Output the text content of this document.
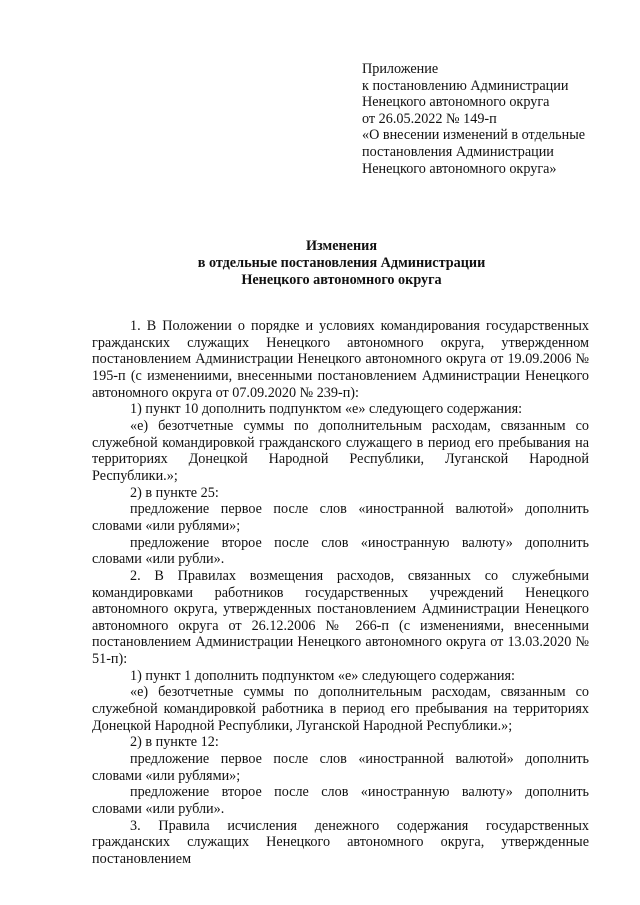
Приложение
к постановлению Администрации
Ненецкого автономного округа
от 26.05.2022 № 149-п
«О внесении изменений в отдельные
постановления Администрации
Ненецкого автономного округа»
Изменения
в отдельные постановления Администрации
Ненецкого автономного округа

1. В Положении о порядке и условиях командирования государственных гражданских служащих Ненецкого автономного округа, утвержденном постановлением Администрации Ненецкого автономного округа от 19.09.2006 № 195-п (с изменениими, внесенными постановлением Администрации Ненецкого автономного округа от 07.09.2020 № 239-п):

1) пункт 10 дополнить подпунктом «е» следующего содержания:

«е) безотчетные суммы по дополнительным расходам, связанным со служебной командировкой гражданского служащего в период его пребывания на территориях Донецкой Народной Республики, Луганской Народной Республики.»;

2) в пункте 25:

предложение первое после слов «иностранной валютой» дополнить словами «или рублями»;

предложение второе после слов «иностранную валюту» дополнить словами «или рубли».

2. В Правилах возмещения расходов, связанных со служебными командировками работников государственных учреждений Ненецкого автономного округа, утвержденных постановлением Администрации Ненецкого автономного округа от 26.12.2006 № 266-п (с изменениями, внесенными постановлением Администрации Ненецкого автономного округа от 13.03.2020 № 51-п):

1) пункт 1 дополнить подпунктом «е» следующего содержания:

«е) безотчетные суммы по дополнительным расходам, связанным со служебной командировкой работника в период его пребывания на территориях Донецкой Народной Республики, Луганской Народной Республики.»;

2) в пункте 12:

предложение первое после слов «иностранной валютой» дополнить словами «или рублями»;

предложение второе после слов «иностранную валюту» дополнить словами «или рубли».

3. Правила исчисления денежного содержания государственных гражданских служащих Ненецкого автономного округа, утвержденные постановлением
